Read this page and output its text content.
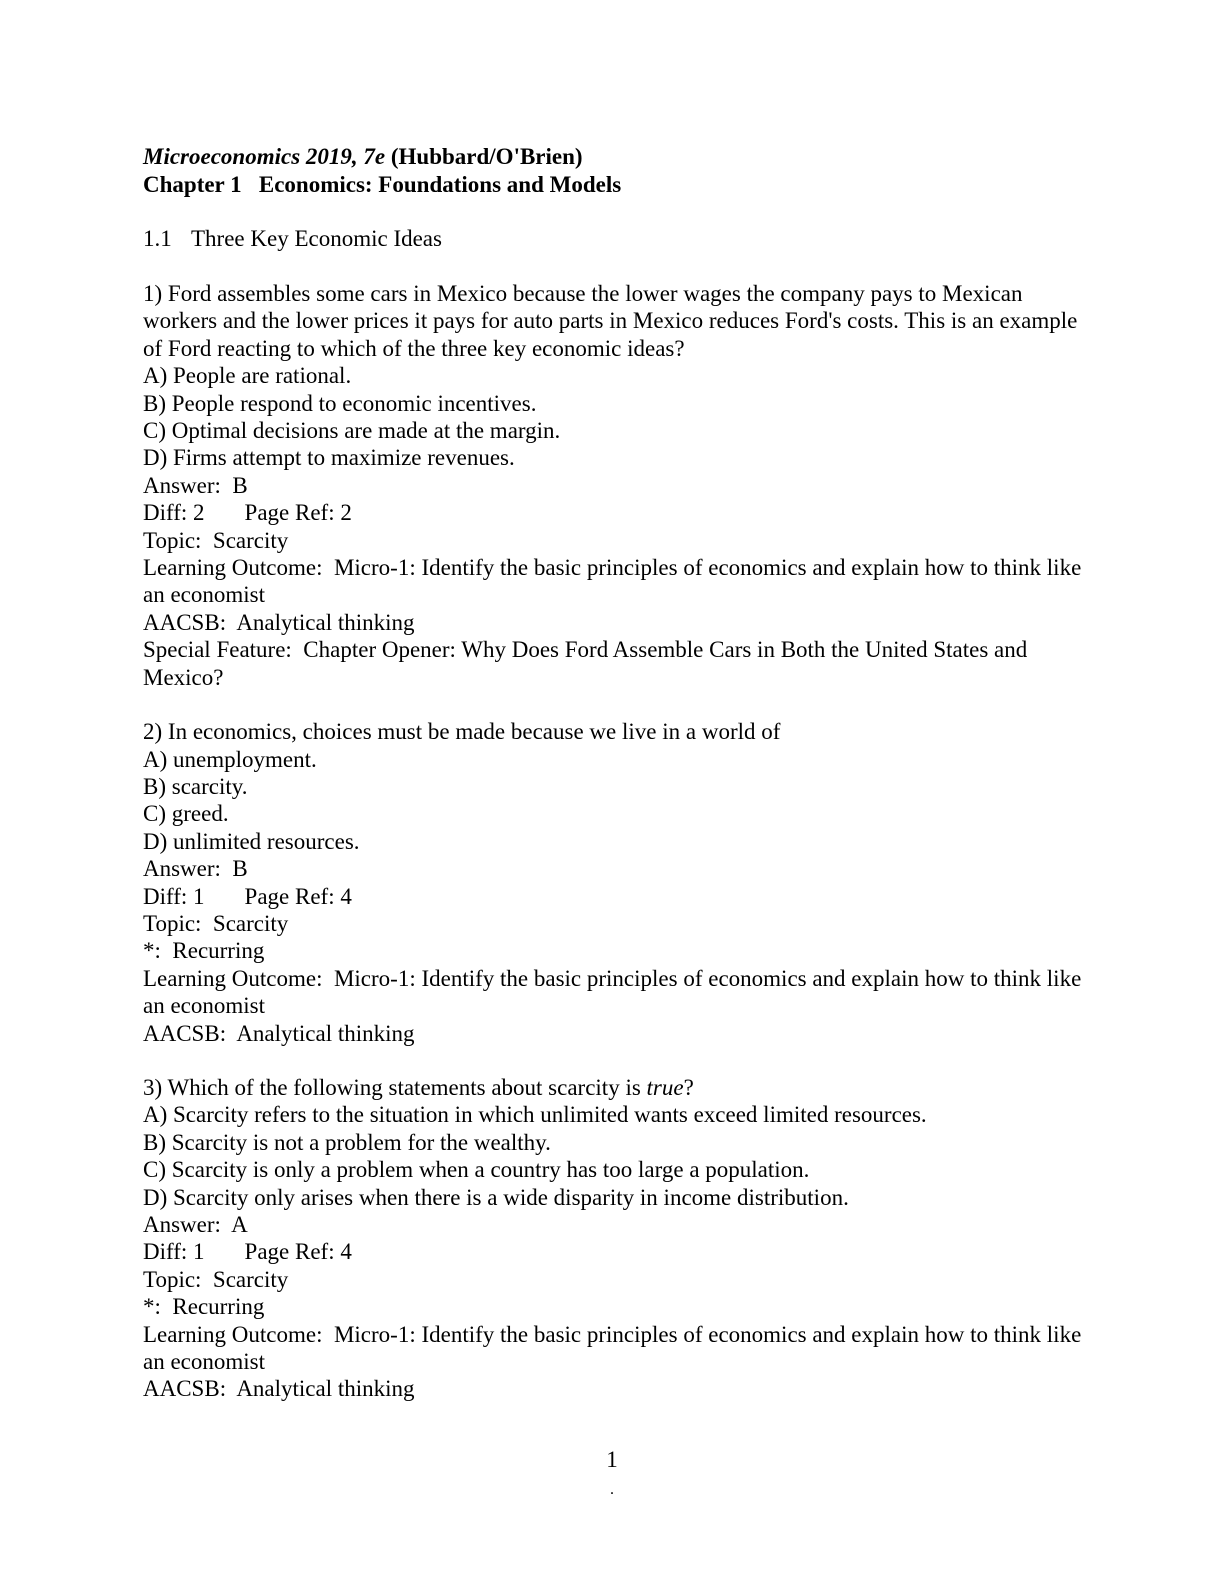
Microeconomics 2019, 7e (Hubbard/O'Brien)
Chapter 1   Economics: Foundations and Models
1.1 Three Key Economic Ideas
1) Ford assembles some cars in Mexico because the lower wages the company pays to Mexican workers and the lower prices it pays for auto parts in Mexico reduces Ford's costs. This is an example of Ford reacting to which of the three key economic ideas?
A) People are rational.
B) People respond to economic incentives.
C) Optimal decisions are made at the margin.
D) Firms attempt to maximize revenues.
Answer:  B
Diff: 2 Page Ref: 2
Topic:  Scarcity
Learning Outcome:  Micro-1: Identify the basic principles of economics and explain how to think like an economist
AACSB:  Analytical thinking
Special Feature:  Chapter Opener: Why Does Ford Assemble Cars in Both the United States and Mexico?
2) In economics, choices must be made because we live in a world of
A) unemployment.
B) scarcity.
C) greed.
D) unlimited resources.
Answer:  B
Diff: 1 Page Ref: 4
Topic:  Scarcity
*:  Recurring
Learning Outcome:  Micro-1: Identify the basic principles of economics and explain how to think like an economist
AACSB:  Analytical thinking
3) Which of the following statements about scarcity is true?
A) Scarcity refers to the situation in which unlimited wants exceed limited resources.
B) Scarcity is not a problem for the wealthy.
C) Scarcity is only a problem when a country has too large a population.
D) Scarcity only arises when there is a wide disparity in income distribution.
Answer:  A
Diff: 1 Page Ref: 4
Topic:  Scarcity
*:  Recurring
Learning Outcome:  Micro-1: Identify the basic principles of economics and explain how to think like an economist
AACSB:  Analytical thinking
1
.
